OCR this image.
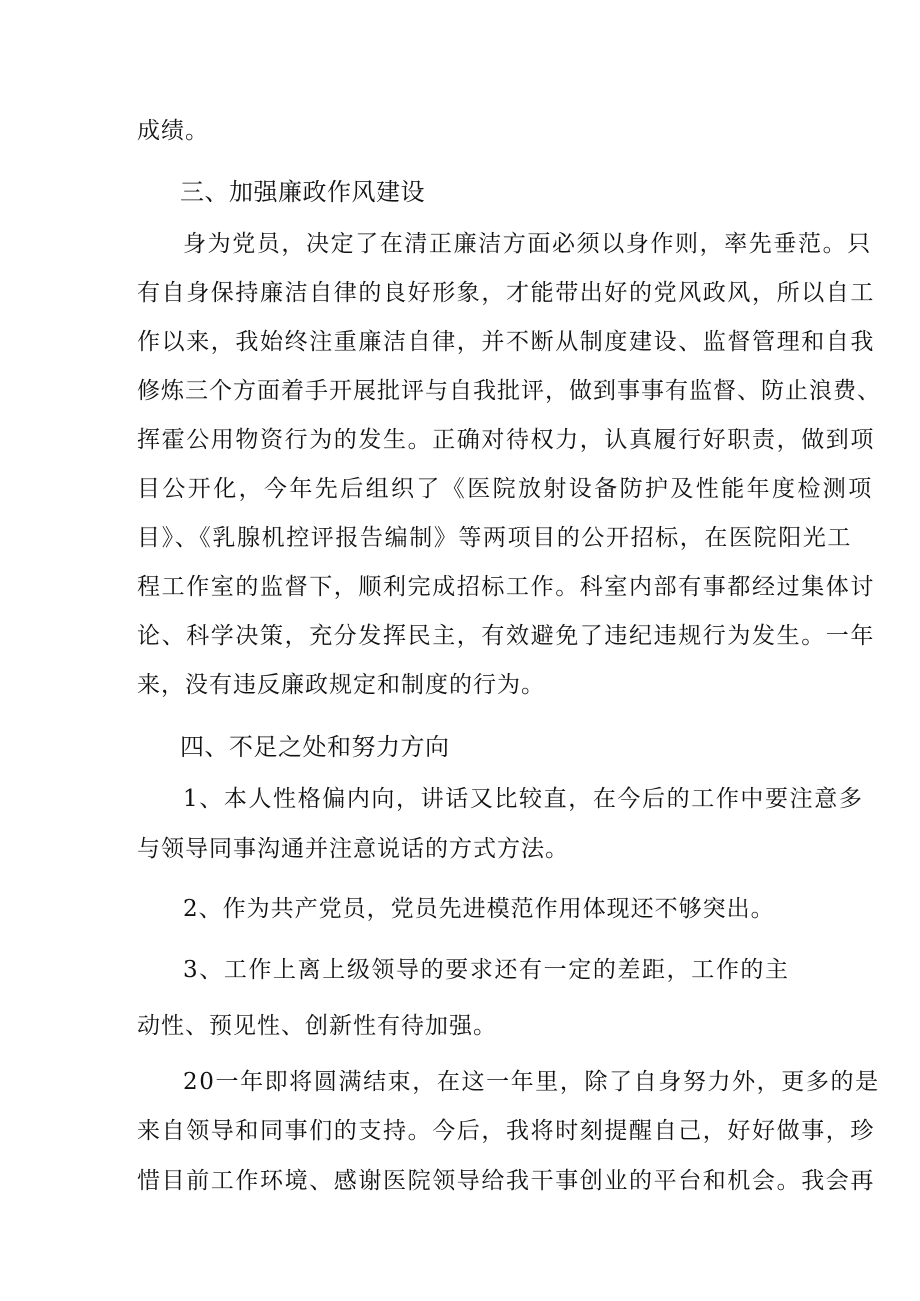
成绩。
三、加强廉政作风建设
身为党员，决定了在清正廉洁方面必须以身作则，率先垂范。只
有自身保持廉洁自律的良好形象，才能带出好的党风政风，所以自工
作以来，我始终注重廉洁自律，并不断从制度建设、监督管理和自我
修炼三个方面着手开展批评与自我批评，做到事事有监督、防止浪费、
挥霍公用物资行为的发生。正确对待权力，认真履行好职责，做到项
目公开化，今年先后组织了《医院放射设备防护及性能年度检测项
目》、《乳腺机控评报告编制》等两项目的公开招标，在医院阳光工
程工作室的监督下，顺利完成招标工作。科室内部有事都经过集体讨
论、科学决策，充分发挥民主，有效避免了违纪违规行为发生。一年
来，没有违反廉政规定和制度的行为。
四、不足之处和努力方向
1、本人性格偏内向，讲话又比较直，在今后的工作中要注意多
与领导同事沟通并注意说话的方式方法。
2、作为共产党员，党员先进模范作用体现还不够突出。
3、工作上离上级领导的要求还有一定的差距，工作的主
动性、预见性、创新性有待加强。
20一年即将圆满结束，在这一年里，除了自身努力外，更多的是
来自领导和同事们的支持。今后，我将时刻提醒自己，好好做事，珍
惜目前工作环境、感谢医院领导给我干事创业的平台和机会。我会再
